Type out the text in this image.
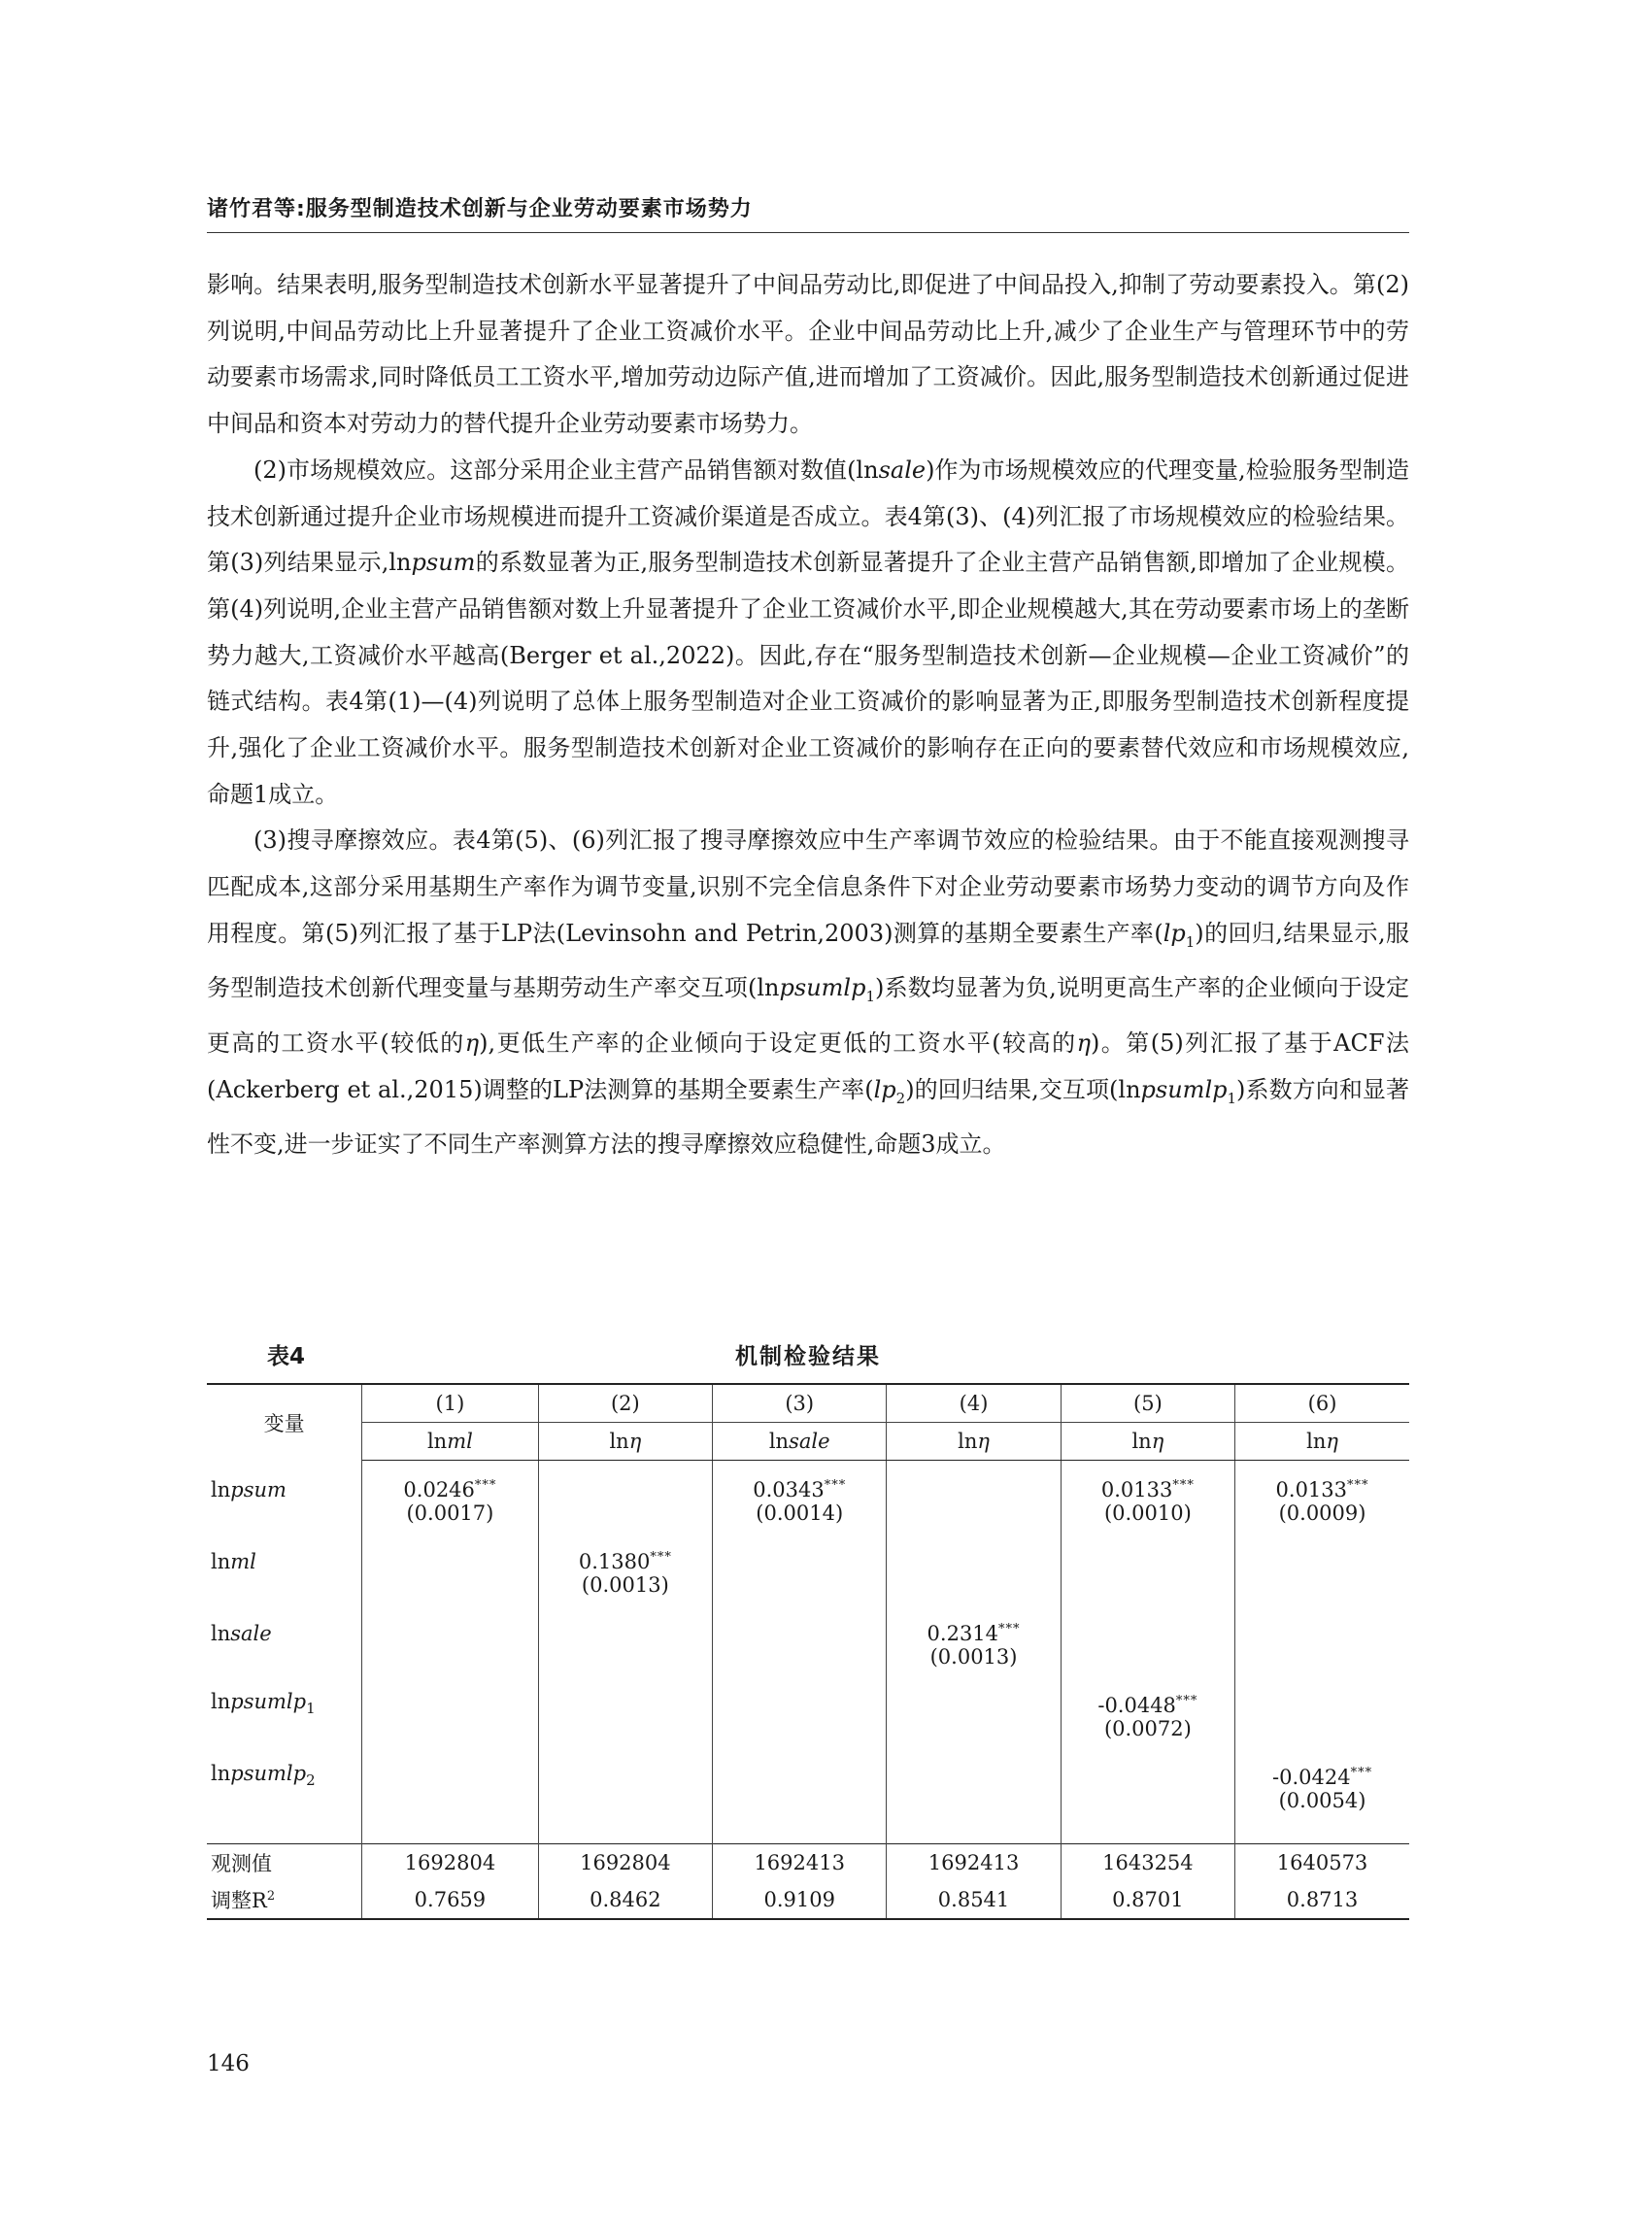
诸竹君等:服务型制造技术创新与企业劳动要素市场势力

影响。结果表明,服务型制造技术创新水平显著提升了中间品劳动比,即促进了中间品投入,抑制了劳动要素投入。第(2)列说明,中间品劳动比上升显著提升了企业工资减价水平。企业中间品劳动比上升,减少了企业生产与管理环节中的劳动要素市场需求,同时降低员工工资水平,增加劳动边际产值,进而增加了工资减价。因此,服务型制造技术创新通过促进中间品和资本对劳动力的替代提升企业劳动要素市场势力。

(2)市场规模效应。这部分采用企业主营产品销售额对数值(lnsale)作为市场规模效应的代理变量,检验服务型制造技术创新通过提升企业市场规模进而提升工资减价渠道是否成立。表4第(3)、(4)列汇报了市场规模效应的检验结果。第(3)列结果显示,lnpsum的系数显著为正,服务型制造技术创新显著提升了企业主营产品销售额,即增加了企业规模。第(4)列说明,企业主营产品销售额对数上升显著提升了企业工资减价水平,即企业规模越大,其在劳动要素市场上的垄断势力越大,工资减价水平越高(Berger et al.,2022)。因此,存在“服务型制造技术创新—企业规模—企业工资减价”的链式结构。表4第(1)—(4)列说明了总体上服务型制造对企业工资减价的影响显著为正,即服务型制造技术创新程度提升,强化了企业工资减价水平。服务型制造技术创新对企业工资减价的影响存在正向的要素替代效应和市场规模效应,命题1成立。

(3)搜寻摩擦效应。表4第(5)、(6)列汇报了搜寻摩擦效应中生产率调节效应的检验结果。由于不能直接观测搜寻匹配成本,这部分采用基期生产率作为调节变量,识别不完全信息条件下对企业劳动要素市场势力变动的调节方向及作用程度。第(5)列汇报了基于LP法(Levinsohn and Petrin,2003)测算的基期全要素生产率$(lp_1)$的回归,结果显示,服务型制造技术创新代理变量与基期劳动生产率交互项(lnpsumlp$_1$)系数均显著为负,说明更高生产率的企业倾向于设定更高的工资水平(较低的η),更低生产率的企业倾向于设定更低的工资水平(较高的η)。第(5)列汇报了基于ACF法(Ackerberg et al.,2015)调整的LP法测算的基期全要素生产率$(lp_2)$的回归结果,交互项(lnpsumlp$_1$)系数方向和显著性不变,进一步证实了不同生产率测算方法的搜寻摩擦效应稳健性,命题3成立。

表4	机制检验结果
变量	(1)	(2)	(3)	(4)	(5)	(6)
	lnml	lnη	lnsale	lnη	lnη	lnη
lnpsum	0.0246***		0.0343***		0.0133***	0.0133***
	(0.0017)		(0.0014)		(0.0010)	(0.0009)
lnml		0.1380***				
		(0.0013)				
lnsale				0.2314***		
				(0.0013)		
lnpsumlp$_1$					-0.0448***	
					(0.0072)	
lnpsumlp$_2$						-0.0424***
						(0.0054)

观测值	1692804	1692804	1692413	1692413	1643254	1640573
调整$R^2$	0.7659	0.8462	0.9109	0.8541	0.8701	0.8713
146
